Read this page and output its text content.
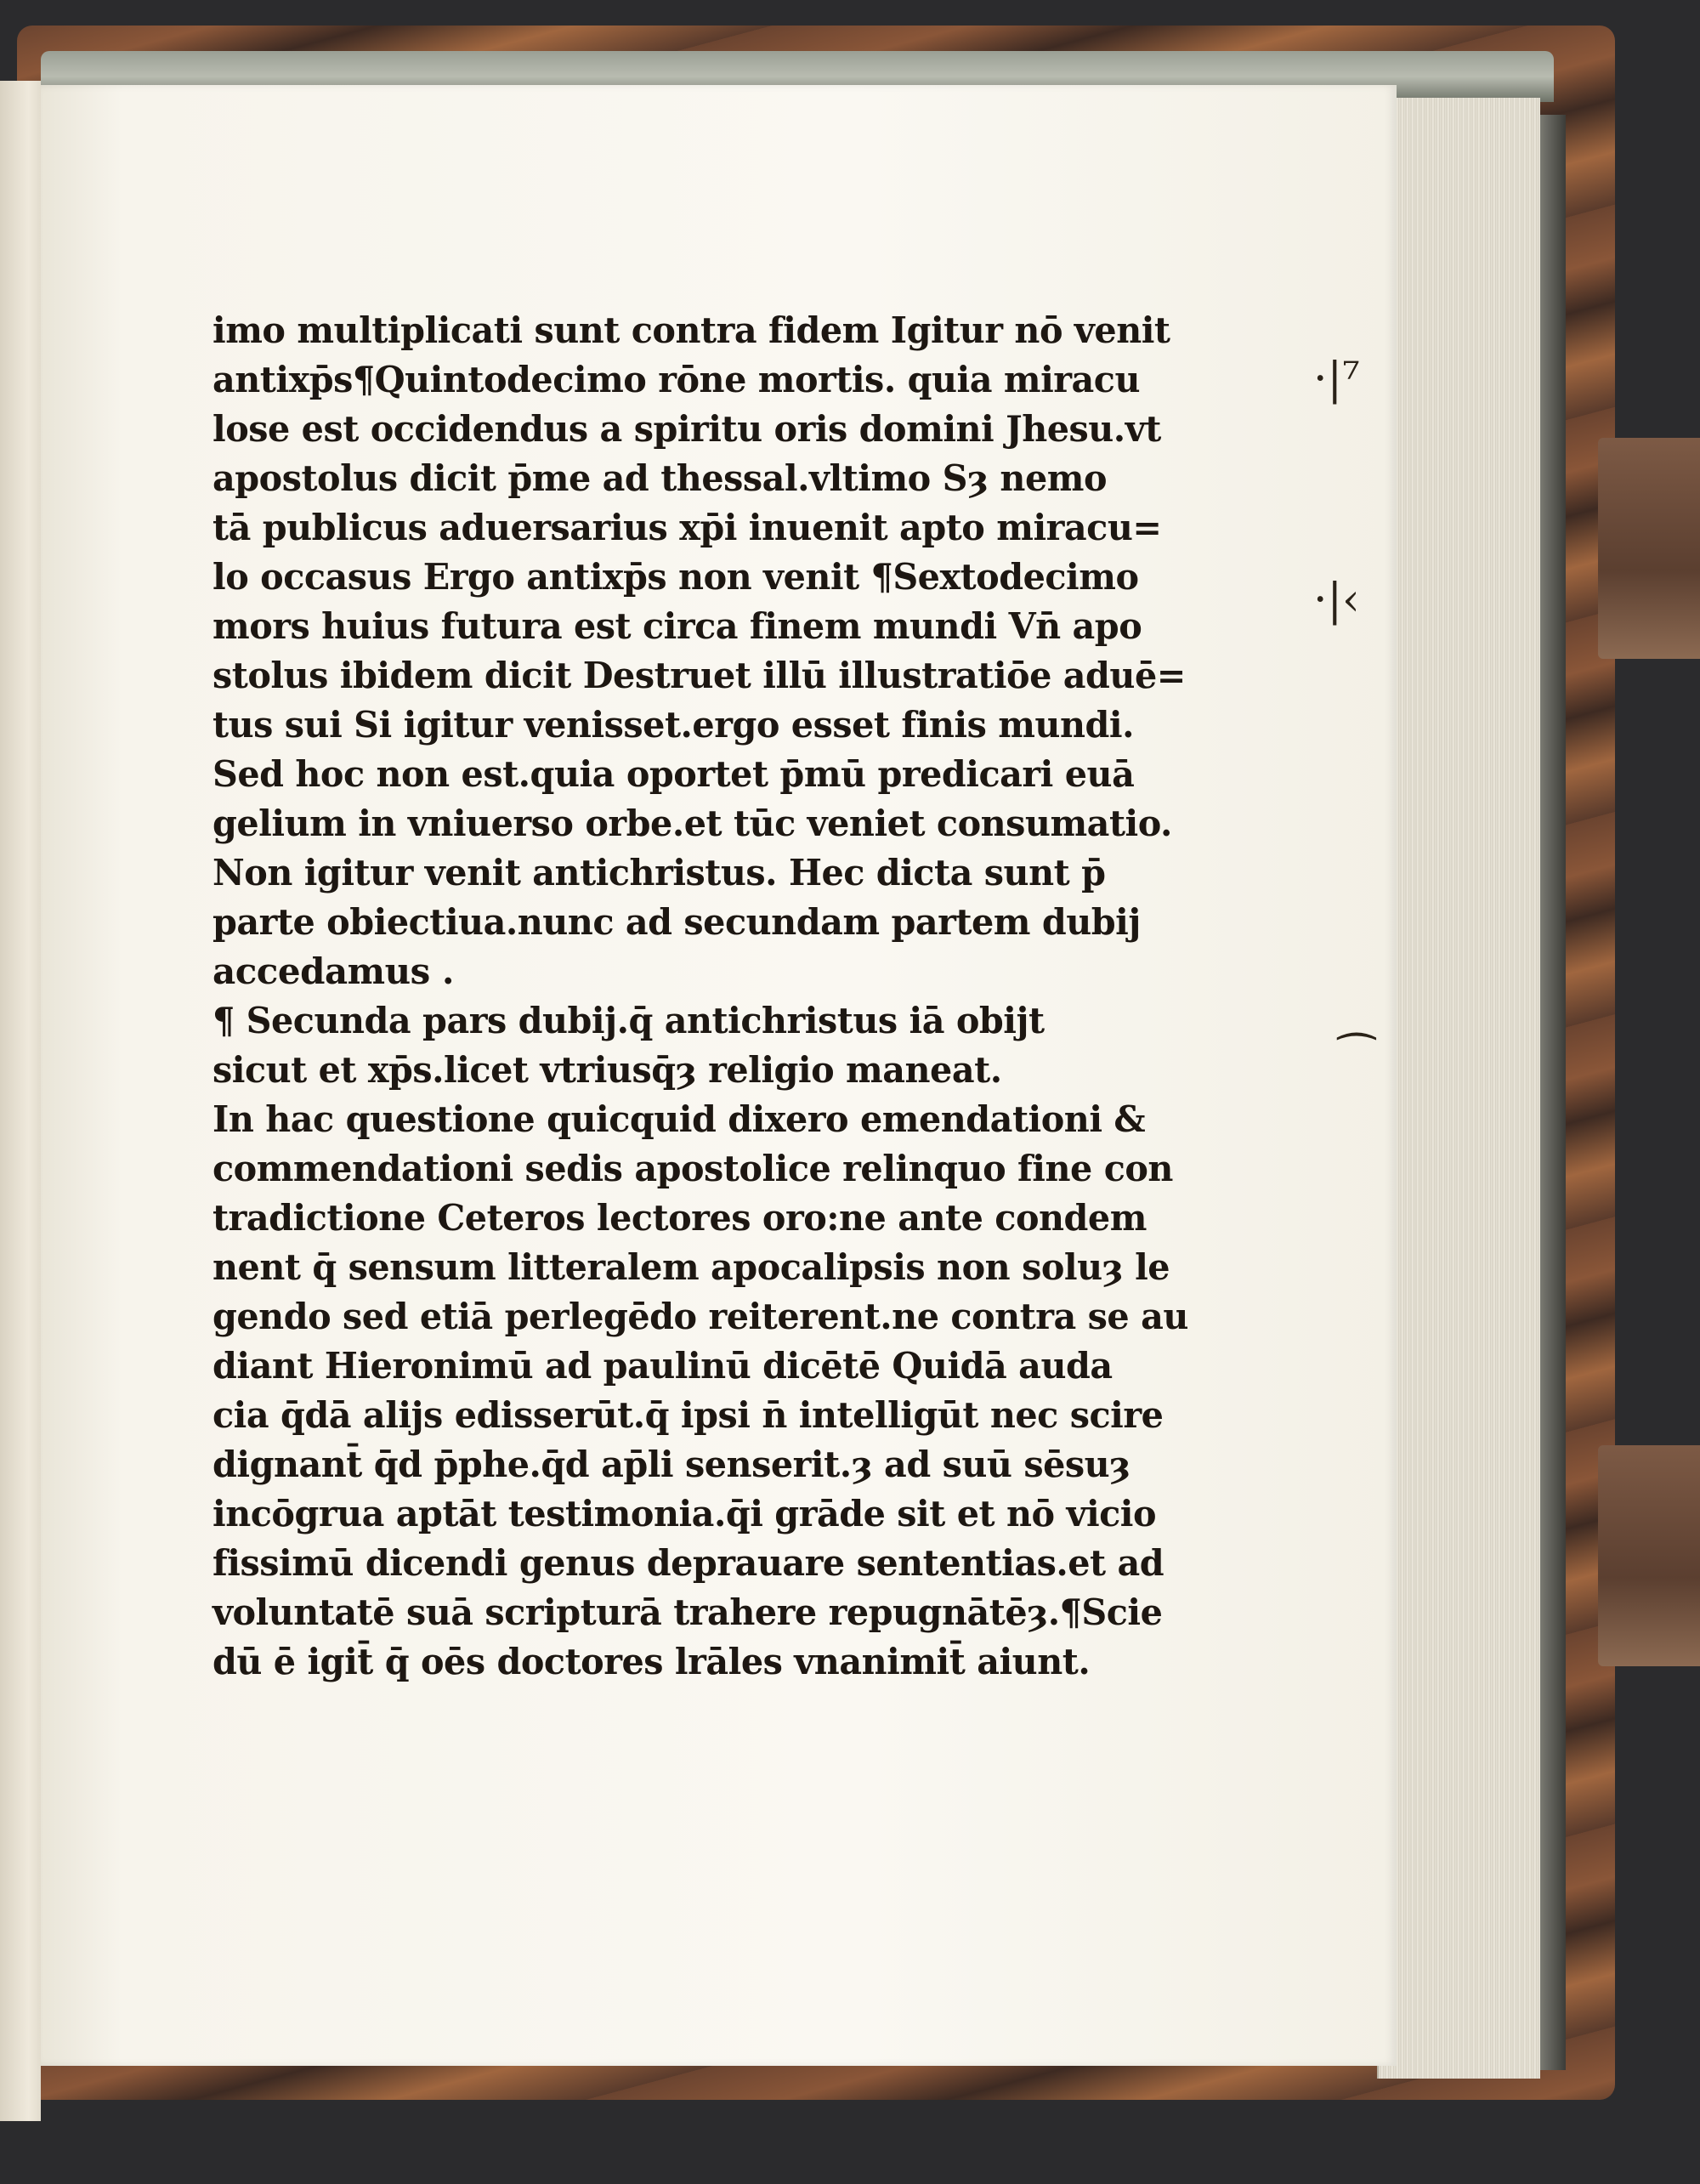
·|⁷
·|‹
⁀
imo multiplicati sunt contra fidem Igitur nō venit
antixp̄s¶Quintodecimo rōne mortis. quia miracu
lose est occidendus a spiritu oris domini Jhesu.vt
apostolus dicit p̄me ad thessal.vltimo Sȝ nemo
tā publicus aduersarius xp̄i inuenit apto miracu=
lo occasus Ergo antixp̄s non venit ¶Sextodecimo
mors huius futura est circa finem mundi Vn̄ apo
stolus ibidem dicit Destruet illū illustratiōe aduē=
tus sui Si igitur venisset.ergo esset finis mundi.
Sed hoc non est.quia oportet p̄mū predicari euā
gelium in vniuerso orbe.et tūc veniet consumatio.
Non igitur venit antichristus. Hec dicta sunt p̄
parte obiectiua.nunc ad secundam partem dubij
accedamus .
¶ Secunda pars dubij.q̄ antichristus iā obijt
sicut et xp̄s.licet vtriusq̄ȝ religio maneat.
In hac questione quicquid dixero emendationi &
commendationi sedis apostolice relinquo fine con
tradictione Ceteros lectores oro:ne ante condem
nent q̄ sensum litteralem apocalipsis non soluȝ le
gendo sed etiā perlegēdo reiterent.ne contra se au
diant Hieronimū ad paulinū dicētē Quidā auda
cia q̄dā alijs edisserūt.q̄ ipsi n̄ intelligūt nec scire
dignant̄ q̄d p̄phe.q̄d ap̄li senserit.ȝ ad suū sēsuȝ
incōgrua aptāt testimonia.q̄i grāde sit et nō vicio
fissimū dicendi genus deprauare sententias.et ad
voluntatē suā scripturā trahere repugnātēȝ.¶Scie
dū ē igit̄ q̄ oēs doctores lrāles vnanimit̄ aiunt.
